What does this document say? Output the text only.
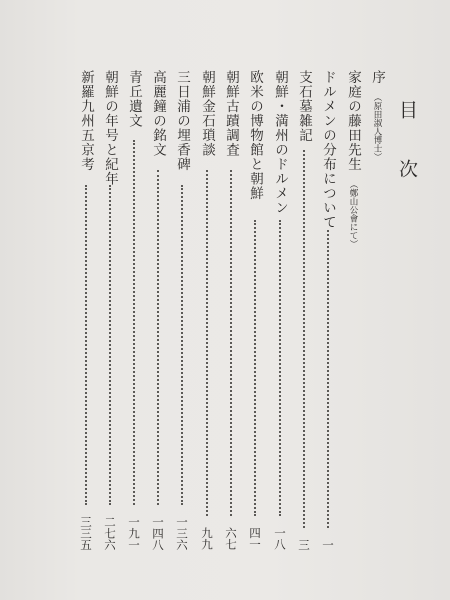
目次
序（原田淑人博士）
家庭の藤田先生（鄭山公會にて）
ドルメンの分布について
一
支石墓雑記
三
朝鮮・満州のドルメン
一八
欧米の博物館と朝鮮
四一
朝鮮古蹟調査
六七
朝鮮金石瑣談
九九
三日浦の埋香碑
一三六
高麗鐘の銘文
一四八
青丘遺文
一九一
朝鮮の年号と紀年
二七六
新羅九州五京考
三三五
